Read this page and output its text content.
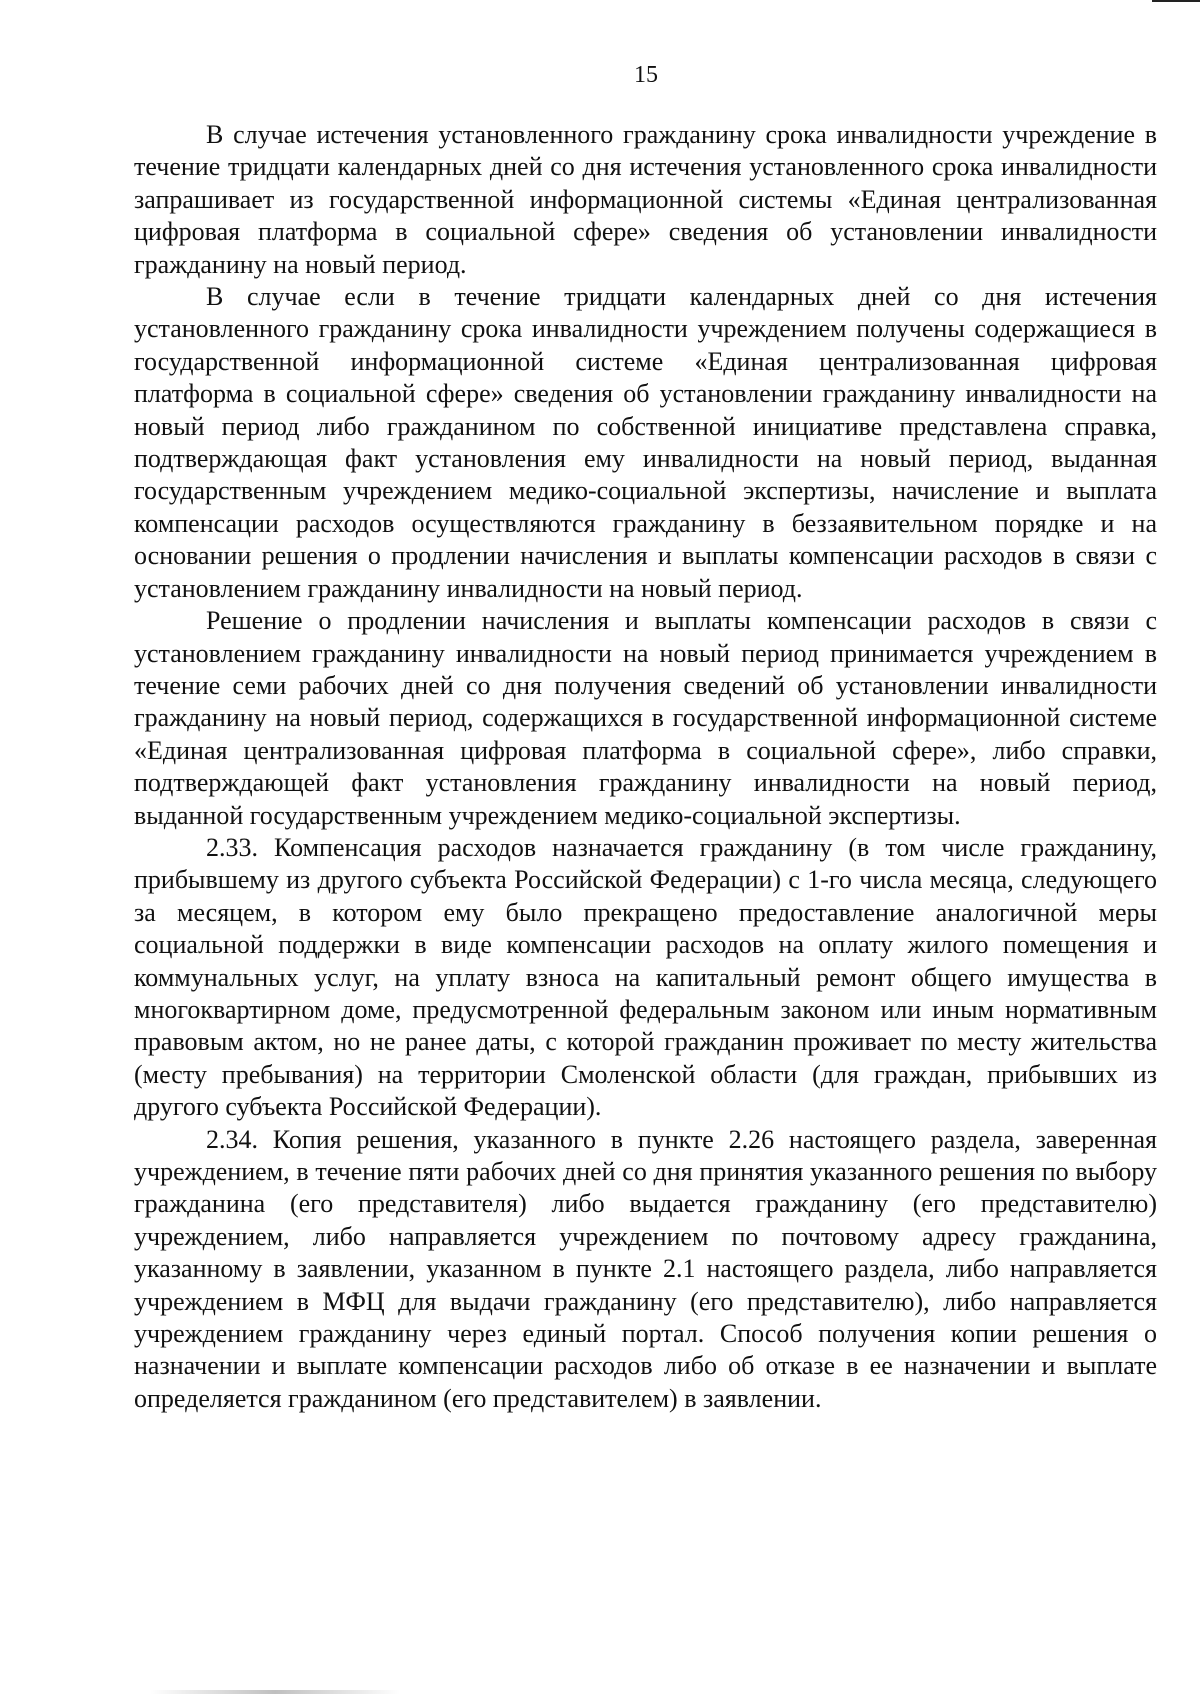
15

В случае истечения установленного гражданину срока инвалидности учреждение в течение тридцати календарных дней со дня истечения установленного срока инвалидности запрашивает из государственной информационной системы «Единая централизованная цифровая платформа в социальной сфере» сведения об установлении инвалидности гражданину на новый период.

В случае если в течение тридцати календарных дней со дня истечения установленного гражданину срока инвалидности учреждением получены содержащиеся в государственной информационной системе «Единая централизованная цифровая платформа в социальной сфере» сведения об установлении гражданину инвалидности на новый период либо гражданином по собственной инициативе представлена справка, подтверждающая факт установления ему инвалидности на новый период, выданная государственным учреждением медико-социальной экспертизы, начисление и выплата компенсации расходов осуществляются гражданину в беззаявительном порядке и на основании решения о продлении начисления и выплаты компенсации расходов в связи с установлением гражданину инвалидности на новый период.

Решение о продлении начисления и выплаты компенсации расходов в связи с установлением гражданину инвалидности на новый период принимается учреждением в течение семи рабочих дней со дня получения сведений об установлении инвалидности гражданину на новый период, содержащихся в государственной информационной системе «Единая централизованная цифровая платформа в социальной сфере», либо справки, подтверждающей факт установления гражданину инвалидности на новый период, выданной государственным учреждением медико-социальной экспертизы.

2.33. Компенсация расходов назначается гражданину (в том числе гражданину, прибывшему из другого субъекта Российской Федерации) с 1-го числа месяца, следующего за месяцем, в котором ему было прекращено предоставление аналогичной меры социальной поддержки в виде компенсации расходов на оплату жилого помещения и коммунальных услуг, на уплату взноса на капитальный ремонт общего имущества в многоквартирном доме, предусмотренной федеральным законом или иным нормативным правовым актом, но не ранее даты, с которой гражданин проживает по месту жительства (месту пребывания) на территории Смоленской области (для граждан, прибывших из другого субъекта Российской Федерации).

2.34. Копия решения, указанного в пункте 2.26 настоящего раздела, заверенная учреждением, в течение пяти рабочих дней со дня принятия указанного решения по выбору гражданина (его представителя) либо выдается гражданину (его представителю) учреждением, либо направляется учреждением по почтовому адресу гражданина, указанному в заявлении, указанном в пункте 2.1 настоящего раздела, либо направляется учреждением в МФЦ для выдачи гражданину (его представителю), либо направляется учреждением гражданину через единый портал. Способ получения копии решения о назначении и выплате компенсации расходов либо об отказе в ее назначении и выплате определяется гражданином (его представителем) в заявлении.
